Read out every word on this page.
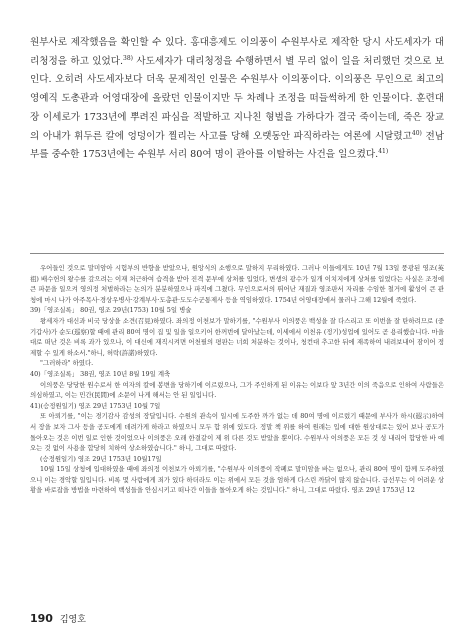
원부사로 제작했음을 확인할 수 있다. 홍대흥제도 이의풍이 수원부사로 제작한 당시 사도세자가 대리청정을 하고 있었다.$^{38)}$ 사도세자가 대리청정을 수행하면서 별 무리 없이 일을 처리했던 것으로 보인다. 오히려 사도세자보다 더욱 문제적인 인물은 수원부사 이의풍이다. 이의풍은 무인으로 최고의 영예직 도총관과 어영대장에 올랐던 인물이지만 두 차례나 조정을 떠들썩하게 한 인물이다. 훈련대장 이세로가 1733년에 뿌려진 파심을 적발하고 지나친 형벌을 가하다가 결국 죽이는데, 죽은 장교의 아내가 휘두른 칼에 엉덩이가 찔리는 사고를 당해 오랫동안 파직하라는 여론에 시달렸고$^{40)}$ 전남부를 중수한 1753년에는 수원부 서리 80여 명이 관아를 이탈하는 사건을 일으켰다.$^{41)}$

우어들인 것으로 말미암아 시험부의 반향을 받았으나, 원앙식의 소행으로 말하지 무리하였다. 그러나 이들에게도 10년 7월 13일 풍광된 영조(英祖) 배수헌의 왕수를 갚으려는 이재 처근하여 습격을 받아 진격 문부에 상처를 입었다, 변생의 광수가 일개 이치지에게 상처를 입었다는 사실은 조정에 큰 파문을 일으켜 영의정 처벌하라는 논의가 분분하였으나 파직에 그쳤다. 무인으로서의 뛰어난 재질과 영조판서 자리를 수임한 철거에 활성이 큰 관청에 마시 나가 아주목사·경상우병사·강계부사·도총관·도도수군통제사 등을 역임하였다. 1754년 어영대장에서 물러나 그해 12월에 죽었다.

39)「영조실록」 80권, 영조 29년(1753) 10월 5일 병술

왕세자가 대신과 비국 당상을 소견(召見)하였다. 좌의정 이천보가 말하기를, "수원부사 이의풍은 백성을 잘 다스리고 또 이번을 잘 탄하려므로 (중기갑사)가 순도(巡察)할 때에 관리 80여 명이 집 및 일을 일으키어 한꺼번에 달아났는데, 이세에서 이천유 (정기)성업에 있어도 곧 용리했습니다. 마을대로 떠난 것은 비록 과가 있으나, 이 대신에 재직시켜면 어천필의 평판는 너희 처분하는 것이나, 청컨대 추고한 뒤에 재족하여 내려보내어 잠이어 정제할 수 있게 하소서."하니, 허락(許諾)하였다.

"그러하라" 하였다.

40)「영조실록」 38권, 영조 10년 8월 19일 계축

이의풍은 당당한 원수로서 한 여자의 칼에 봉변을 당하기에 이르렀으나, 그가 주인하게 된 이유는 이보다 앞 3년간 이의 죽음으로 인하여 사람들은 의심하였고, 이는 민간(民間)에 소문이 나게 해서는 안 된 일입니다.

41)(승정원일기) 영조 29년 1753년 10월 7일

또 아뢰기를, "이는 경기감사 감성의 장달입니다. 수원의 관속이 일시에 도주한 까가 없는 데 80여 명에 이르렀기 때문에 부사가 하시(遐示)하여 서 장을 보자 그사 등을 공도에게 데려가게 하라고 하였으니 모두 합 위에 있도다. 정말 책 위를 하여 원래는 입에 대한 원상대로는 있어 보나 공도가 돌아오는 것은 이번 일로 인한 것이었으나 이의풍은 오래 한결같이 제 위 다른 것도 받았을 뿐이다. 수원부사 이의풍은 모든 것 성 내리어 합당한 바 예 오는 것 없이 사용을 합당히 치하여 상소하였습니다." 하니, 그대로 따랐다.

(승정원일기) 영조 29년 1753년 10월17일

10월 15일 상청에 입대하였을 때에 좌의정 이천보가 아뢰기를, "수원부사 이의풍이 작폐로 말미암을 바는 없으나, 관리 80여 명이 함께 도주하였으니 이는 경악할 일입니다. 비록 몇 사람에게 죄가 있다 하더라도 이는 위에서 모든 것을 엄하게 다스린 까닭이 많지 않습니다. 급선무는 이 어려운 상황을 바로잡을 방법을 마련하여 백성들을 안심시키고 떠나간 이들을 돌아오게 하는 것입니다." 하니, 그대로 따랐다. 영조 29년 1753년 12

190 김영호
